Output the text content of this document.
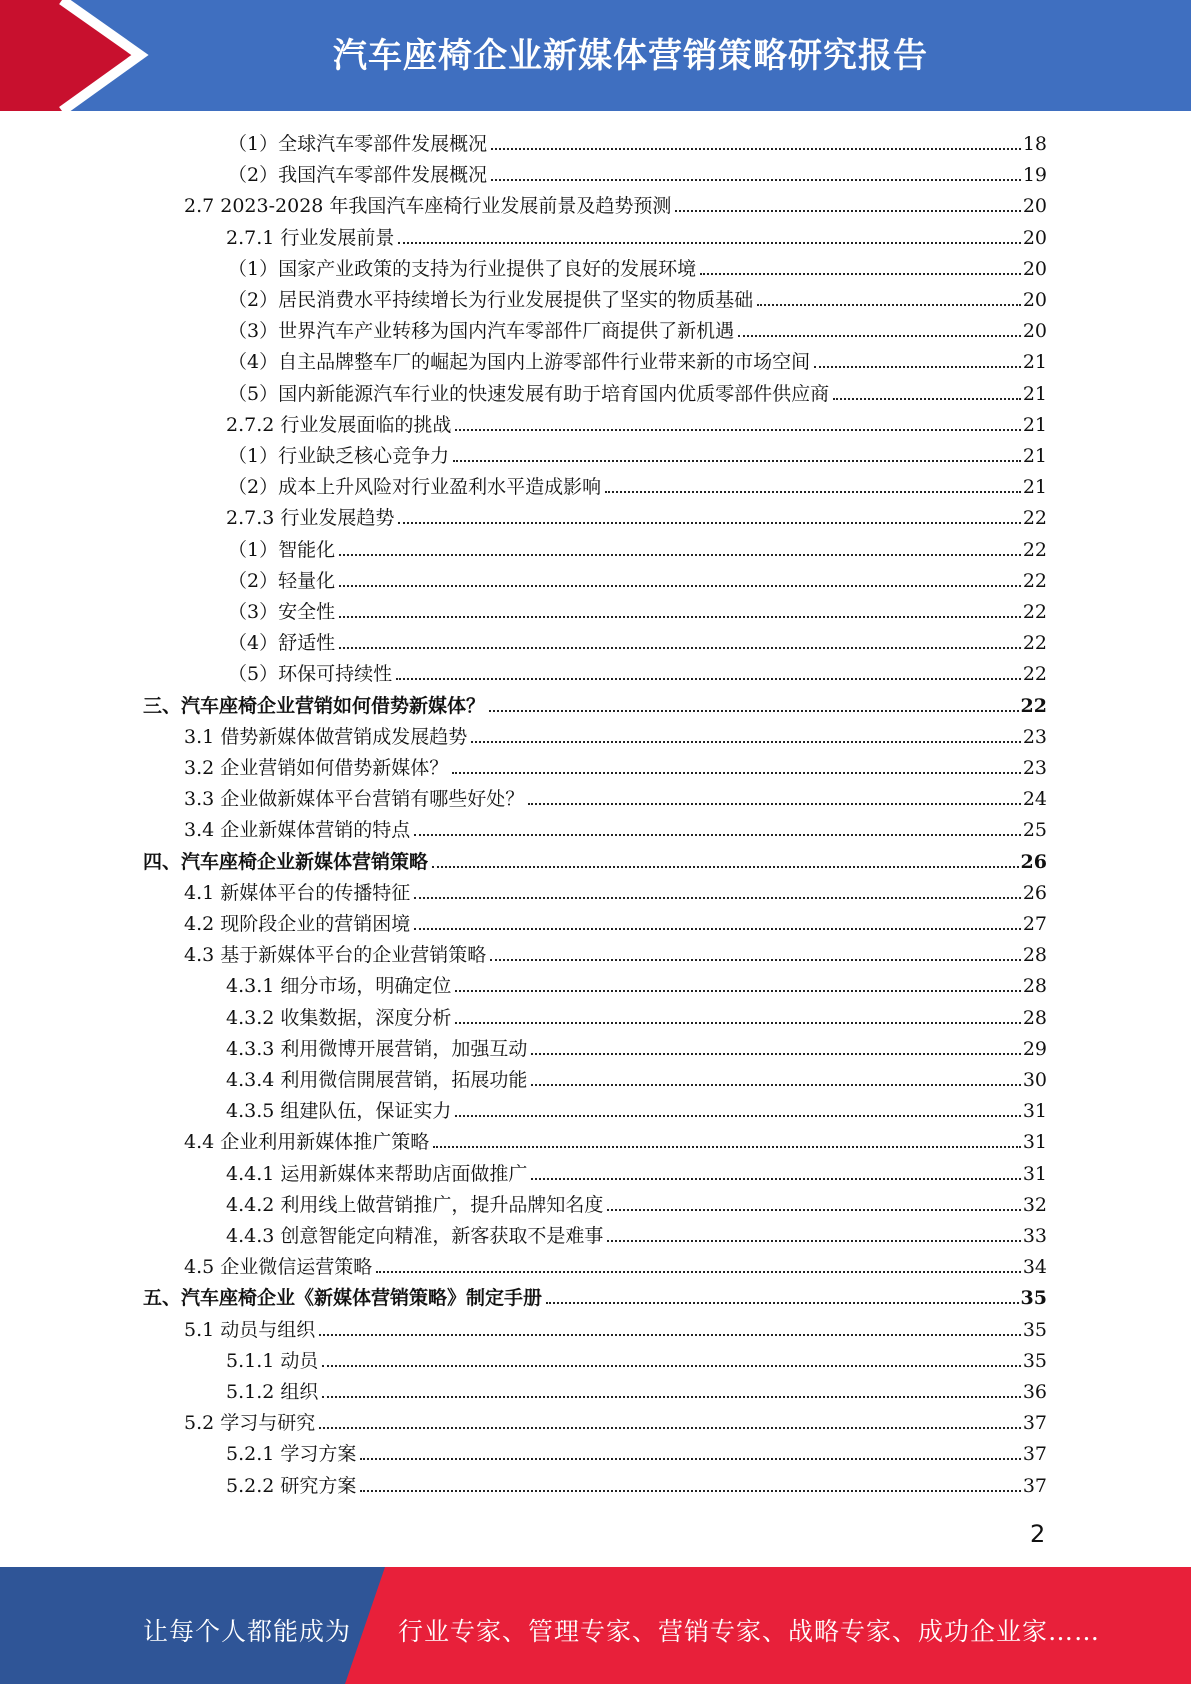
汽车座椅企业新媒体营销策略研究报告
（1）全球汽车零部件发展概况	18
（2）我国汽车零部件发展概况	19
2.7 2023-2028 年我国汽车座椅行业发展前景及趋势预测	20
2.7.1 行业发展前景	20
（1）国家产业政策的支持为行业提供了良好的发展环境	20
（2）居民消费水平持续增长为行业发展提供了坚实的物质基础	20
（3）世界汽车产业转移为国内汽车零部件厂商提供了新机遇	20
（4）自主品牌整车厂的崛起为国内上游零部件行业带来新的市场空间	21
（5）国内新能源汽车行业的快速发展有助于培育国内优质零部件供应商	21
2.7.2 行业发展面临的挑战	21
（1）行业缺乏核心竞争力	21
（2）成本上升风险对行业盈利水平造成影响	21
2.7.3 行业发展趋势	22
（1）智能化	22
（2）轻量化	22
（3）安全性	22
（4）舒适性	22
（5）环保可持续性	22
三、汽车座椅企业营销如何借势新媒体？	22
3.1 借势新媒体做营销成发展趋势	23
3.2 企业营销如何借势新媒体？	23
3.3 企业做新媒体平台营销有哪些好处？	24
3.4 企业新媒体营销的特点	25
四、汽车座椅企业新媒体营销策略	26
4.1 新媒体平台的传播特征	26
4.2 现阶段企业的营销困境	27
4.3 基于新媒体平台的企业营销策略	28
4.3.1 细分市场，明确定位	28
4.3.2 收集数据，深度分析	28
4.3.3 利用微博开展营销，加强互动	29
4.3.4 利用微信開展营销，拓展功能	30
4.3.5 组建队伍，保证实力	31
4.4 企业利用新媒体推广策略	31
4.4.1 运用新媒体来帮助店面做推广	31
4.4.2 利用线上做营销推广，提升品牌知名度	32
4.4.3 创意智能定向精准，新客获取不是难事	33
4.5 企业微信运营策略	34
五、汽车座椅企业《新媒体营销策略》制定手册	35
5.1 动员与组织	35
5.1.1 动员	35
5.1.2 组织	36
5.2 学习与研究	37
5.2.1 学习方案	37
5.2.2 研究方案	37
2
让每个人都能成为 行业专家、管理专家、营销专家、战略专家、成功企业家……
